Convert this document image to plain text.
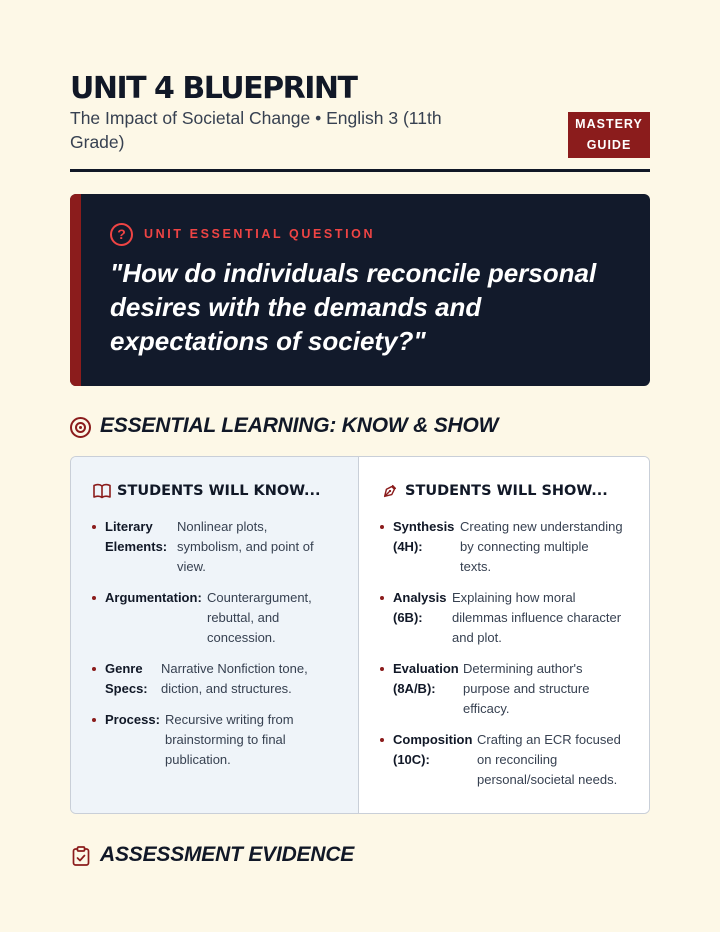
UNIT 4 BLUEPRINT
The Impact of Societal Change • English 3 (11th Grade)
MASTERY GUIDE
?	UNIT ESSENTIAL QUESTION
"How do individuals reconcile personal desires with the demands and expectations of society?"
ESSENTIAL LEARNING: KNOW & SHOW
STUDENTS WILL KNOW...
Literary
Elements:
Nonlinear plots,
symbolism, and point of
view.
Argumentation: Counterargument,
rebuttal, and
concession.
Genre
Specs:
Narrative Nonfiction tone,
diction, and structures.
Process: Recursive writing from
brainstorming to final
publication.
STUDENTS WILL SHOW...
Synthesis
(4H):
Creating new understanding
by connecting multiple
texts.
Analysis
(6B):
Explaining how moral
dilemmas influence character
and plot.
Evaluation
(8A/B):
Determining author's
purpose and structure
efficacy.
Composition
(10C):
Crafting an ECR focused
on reconciling
personal/societal needs.
ASSESSMENT EVIDENCE
